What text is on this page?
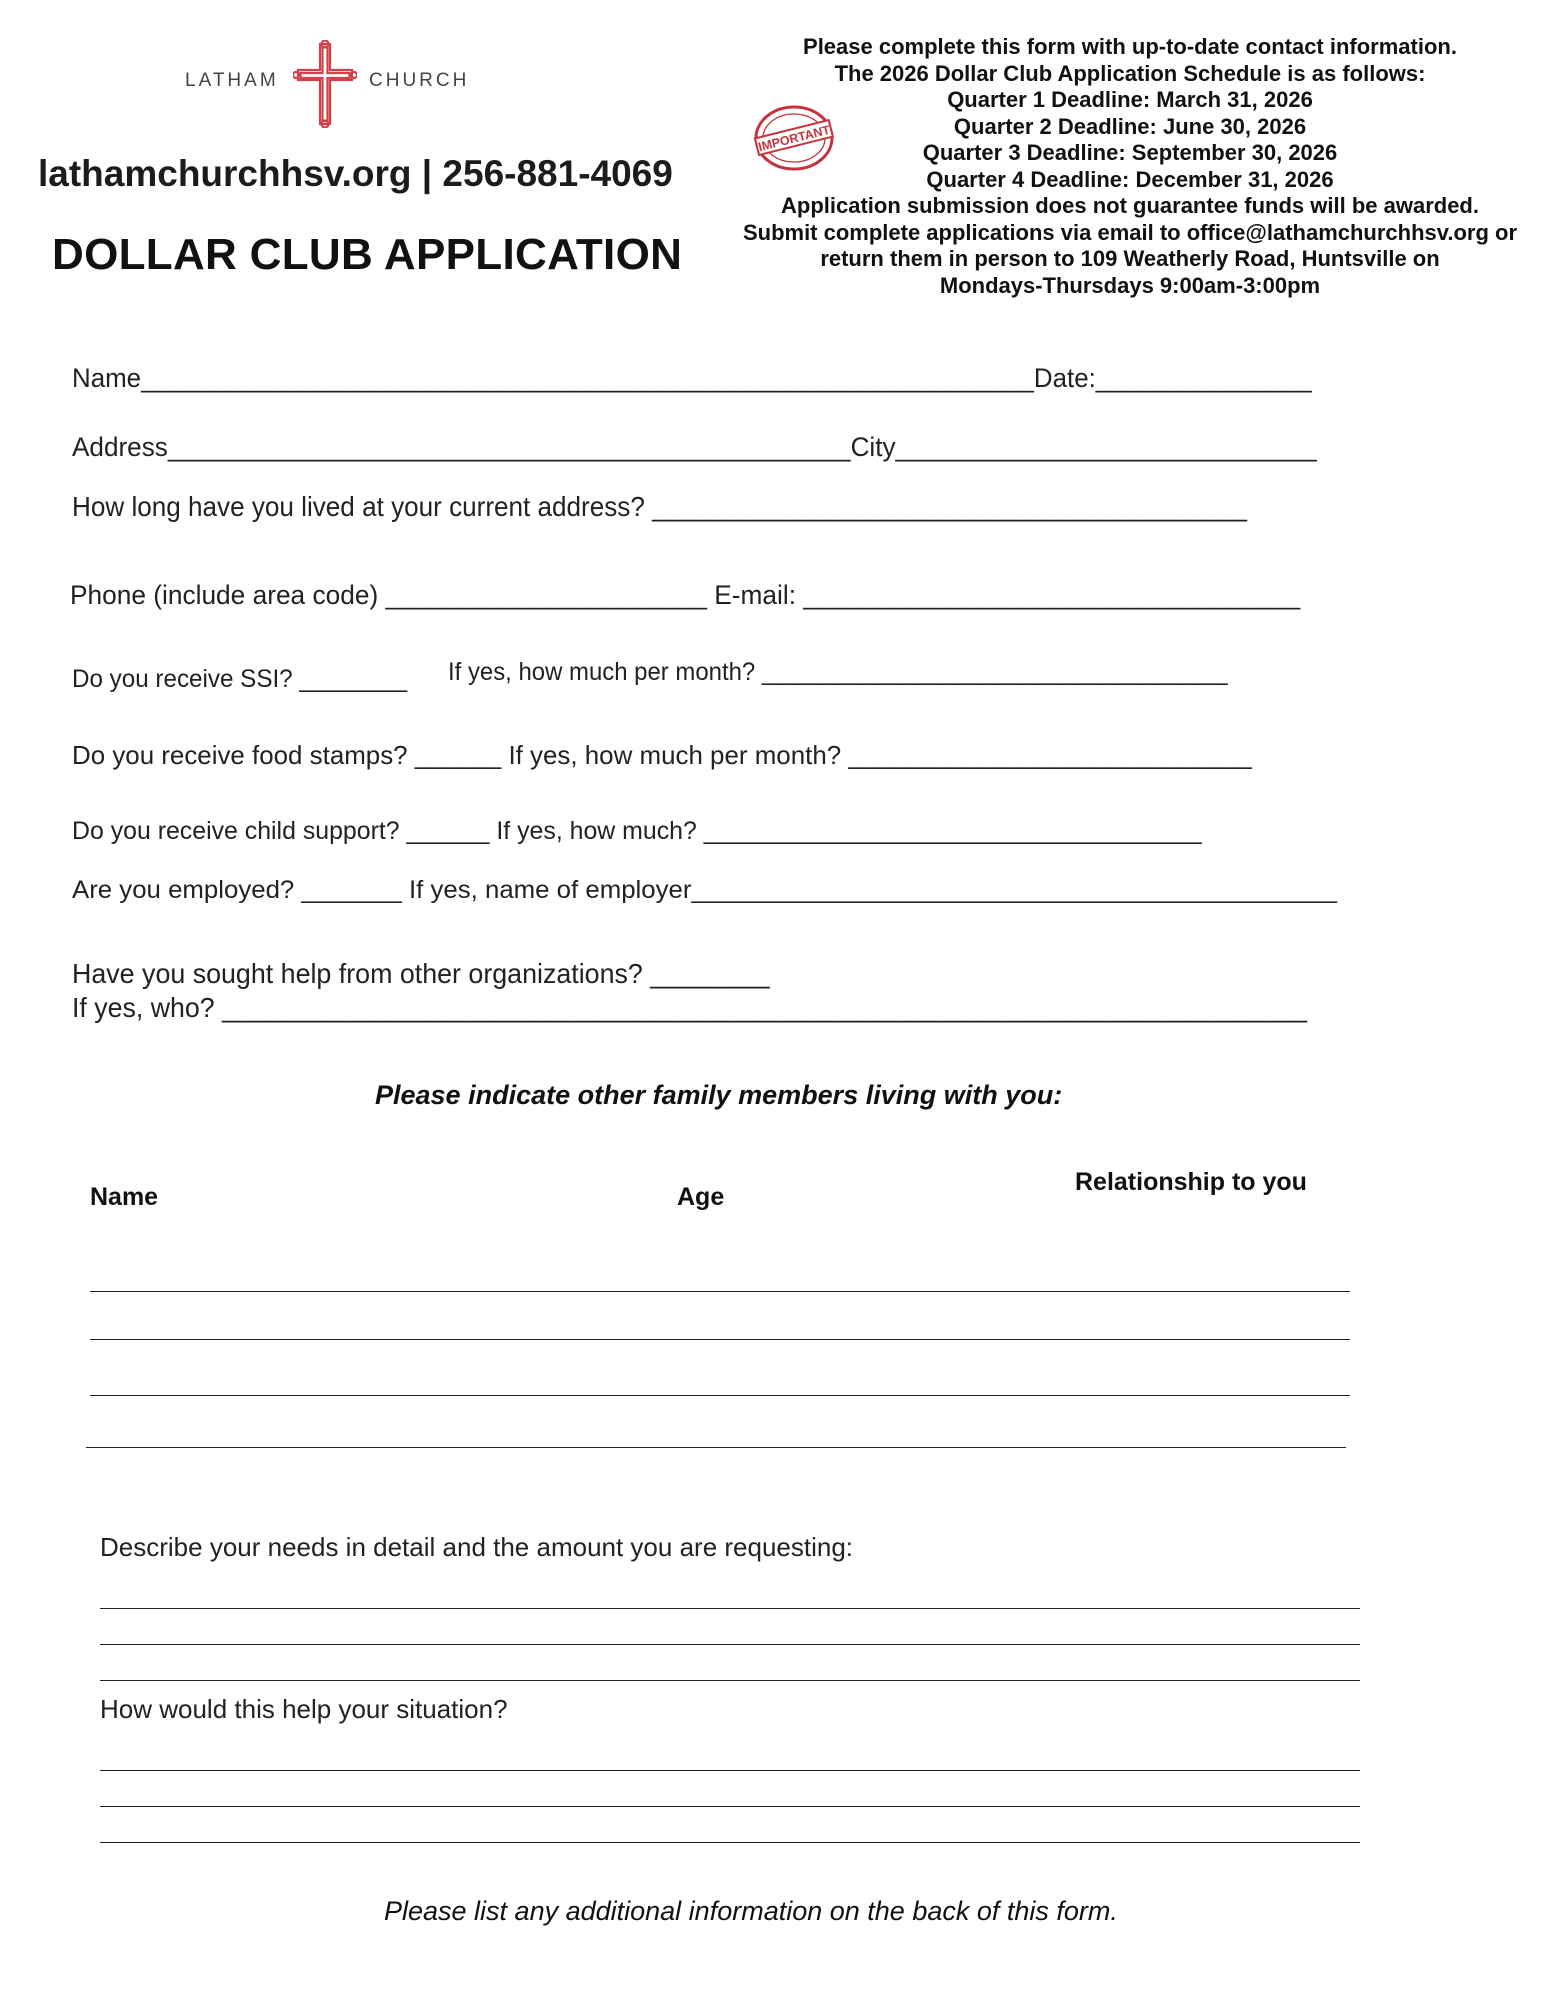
LATHAM	CHURCH
lathamchurchhsv.org | 256-881-4069
DOLLAR CLUB APPLICATION
IMPORTANT
Please complete this form with up-to-date contact information.
The 2026 Dollar Club Application Schedule is as follows:
Quarter 1 Deadline: March 31, 2026
Quarter 2 Deadline: June 30, 2026
Quarter 3 Deadline: September 30, 2026
Quarter 4 Deadline: December 31, 2026
Application submission does not guarantee funds will be awarded.
Submit complete applications via email to office@lathamchurchhsv.org or
return them in person to 109 Weatherly Road, Huntsville on
Mondays-Thursdays 9:00am-3:00pm
Name______________________________________________________________Date:_______________
Address_______________________________________________City_____________________________
How long have you lived at your current address? _________________________________________
Phone (include area code) ______________________ E-mail: __________________________________
Do you receive SSI? ________ If yes, how much per month? ___________________________________
Do you receive food stamps? ______ If yes, how much per month? ____________________________
Do you receive child support? ______ If yes, how much? ____________________________________
Are you employed? _______ If yes, name of employer_____________________________________________
Have you sought help from other organizations? ________
If yes, who? _________________________________________________________________________
Please indicate other family members living with you:
Name	Age
Relationship to you
Describe your needs in detail and the amount you are requesting:
How would this help your situation?
Please list any additional information on the back of this form.
